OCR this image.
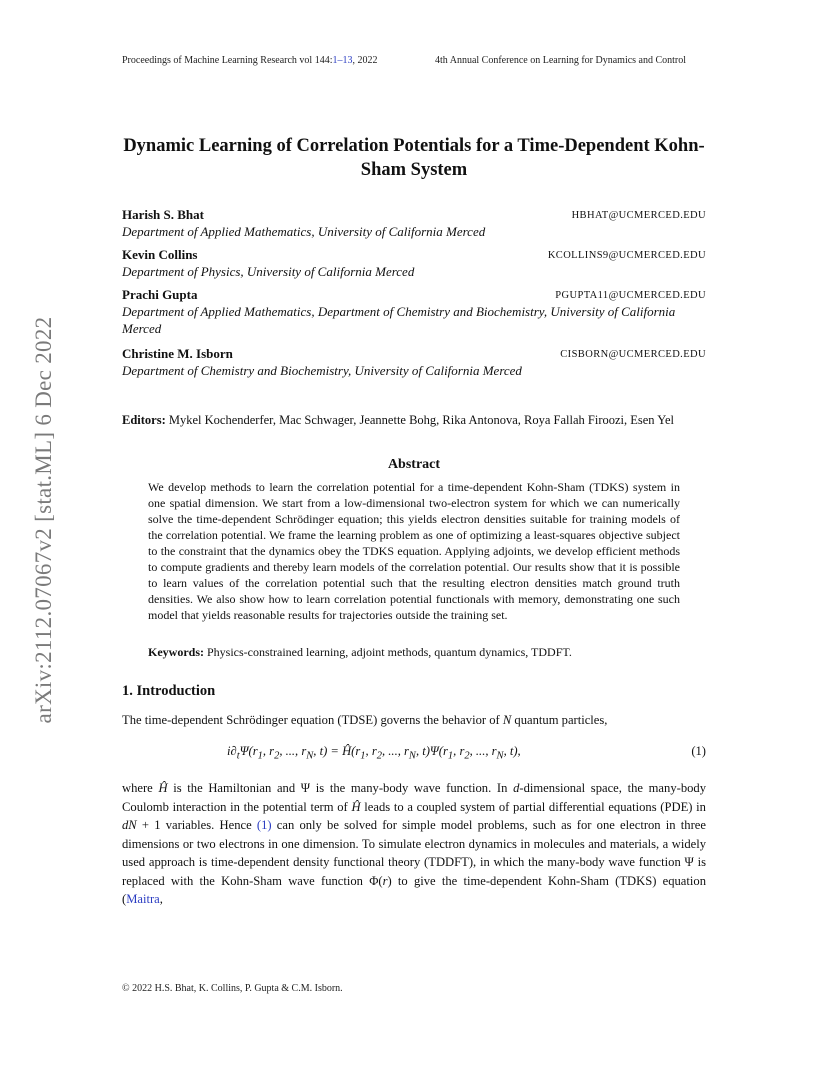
Proceedings of Machine Learning Research vol 144:1–13, 2022	4th Annual Conference on Learning for Dynamics and Control
arXiv:2112.07067v2 [stat.ML] 6 Dec 2022
Dynamic Learning of Correlation Potentials for a Time-Dependent Kohn-Sham System
Harish S. Bhat	HBHAT@UCMERCED.EDU
Department of Applied Mathematics, University of California Merced
Kevin Collins	KCOLLINS9@UCMERCED.EDU
Department of Physics, University of California Merced
Prachi Gupta	PGUPTA11@UCMERCED.EDU
Department of Applied Mathematics, Department of Chemistry and Biochemistry, University of California Merced
Christine M. Isborn	CISBORN@UCMERCED.EDU
Department of Chemistry and Biochemistry, University of California Merced
Editors: Mykel Kochenderfer, Mac Schwager, Jeannette Bohg, Rika Antonova, Roya Fallah Firoozi, Esen Yel
Abstract
We develop methods to learn the correlation potential for a time-dependent Kohn-Sham (TDKS) system in one spatial dimension. We start from a low-dimensional two-electron system for which we can numerically solve the time-dependent Schrödinger equation; this yields electron densities suitable for training models of the correlation potential. We frame the learning problem as one of optimizing a least-squares objective subject to the constraint that the dynamics obey the TDKS equation. Applying adjoints, we develop efficient methods to compute gradients and thereby learn models of the correlation potential. Our results show that it is possible to learn values of the correlation potential such that the resulting electron densities match ground truth densities. We also show how to learn correlation potential functionals with memory, demonstrating one such model that yields reasonable results for trajectories outside the training set.
Keywords: Physics-constrained learning, adjoint methods, quantum dynamics, TDDFT.
1. Introduction
The time-dependent Schrödinger equation (TDSE) governs the behavior of N quantum particles,
$i\partial_t\Psi(r_1$, $r_2$, ..., $r_N$, $t) = Ĥ(r_1$, $r_2$, ..., $r_N$, $t)\Psi(r_1$, $r_2$, ..., $r_N$, t),	(1)
where Ĥ is the Hamiltonian and Ψ is the many-body wave function. In d-dimensional space, the many-body Coulomb interaction in the potential term of Ĥ leads to a coupled system of partial differential equations (PDE) in dN + 1 variables. Hence (1) can only be solved for simple model problems, such as for one electron in three dimensions or two electrons in one dimension. To simulate electron dynamics in molecules and materials, a widely used approach is time-dependent density functional theory (TDDFT), in which the many-body wave function Ψ is replaced with the Kohn-Sham wave function Φ(r) to give the time-dependent Kohn-Sham (TDKS) equation (Maitra,
© 2022 H.S. Bhat, K. Collins, P. Gupta & C.M. Isborn.
